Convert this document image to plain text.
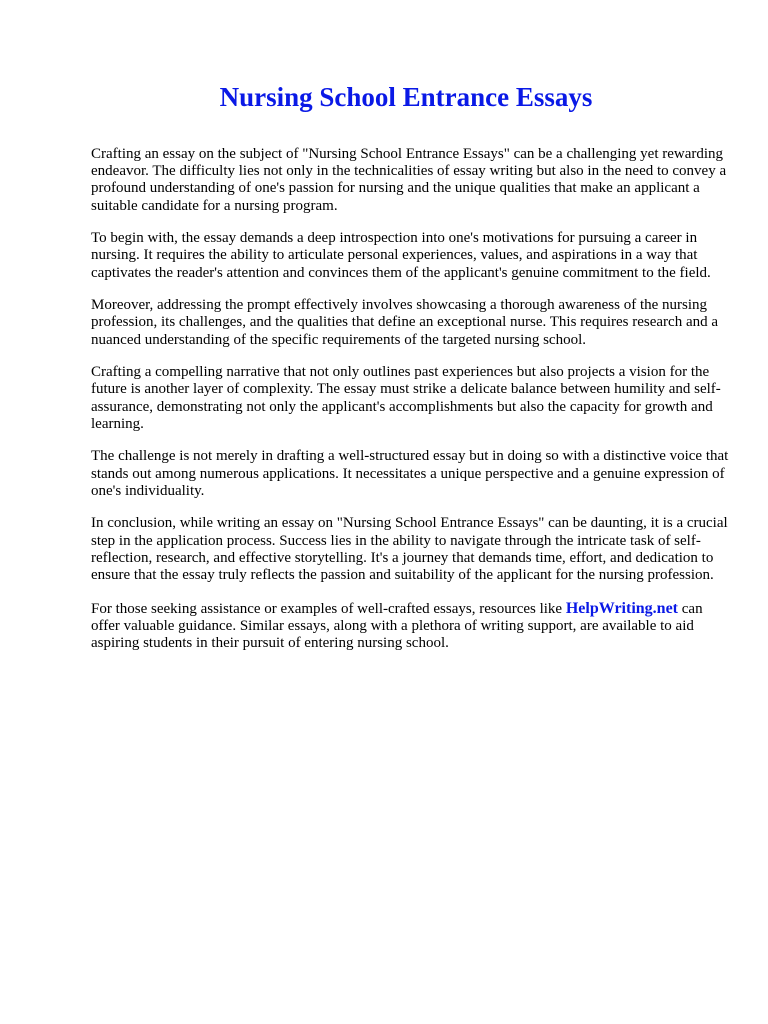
Nursing School Entrance Essays

Crafting an essay on the subject of "Nursing School Entrance Essays" can be a challenging yet rewarding endeavor. The difficulty lies not only in the technicalities of essay writing but also in the need to convey a profound understanding of one's passion for nursing and the unique qualities that make an applicant a suitable candidate for a nursing program.

To begin with, the essay demands a deep introspection into one's motivations for pursuing a career in nursing. It requires the ability to articulate personal experiences, values, and aspirations in a way that captivates the reader's attention and convinces them of the applicant's genuine commitment to the field.

Moreover, addressing the prompt effectively involves showcasing a thorough awareness of the nursing profession, its challenges, and the qualities that define an exceptional nurse. This requires research and a nuanced understanding of the specific requirements of the targeted nursing school.

Crafting a compelling narrative that not only outlines past experiences but also projects a vision for the future is another layer of complexity. The essay must strike a delicate balance between humility and self-assurance, demonstrating not only the applicant's accomplishments but also the capacity for growth and learning.

The challenge is not merely in drafting a well-structured essay but in doing so with a distinctive voice that stands out among numerous applications. It necessitates a unique perspective and a genuine expression of one's individuality.

In conclusion, while writing an essay on "Nursing School Entrance Essays" can be daunting, it is a crucial step in the application process. Success lies in the ability to navigate through the intricate task of self-reflection, research, and effective storytelling. It's a journey that demands time, effort, and dedication to ensure that the essay truly reflects the passion and suitability of the applicant for the nursing profession.

For those seeking assistance or examples of well-crafted essays, resources like HelpWriting.net can offer valuable guidance. Similar essays, along with a plethora of writing support, are available to aid aspiring students in their pursuit of entering nursing school.
